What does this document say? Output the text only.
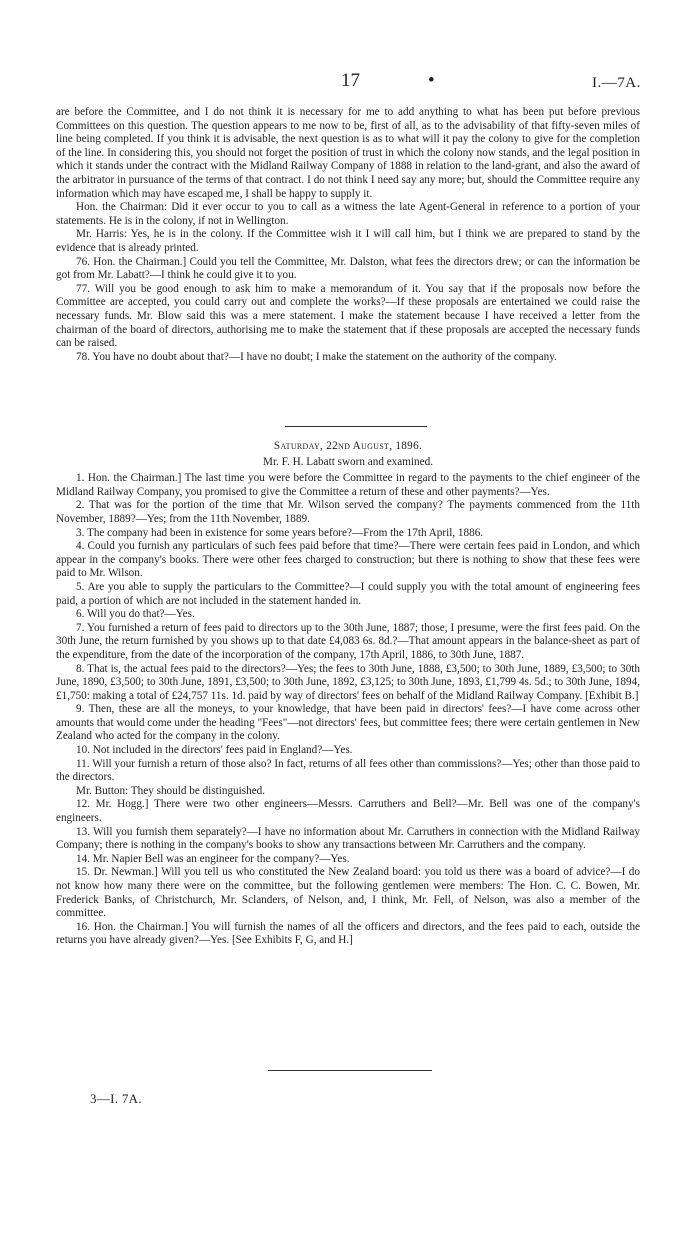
17	•	I.—7A.

are before the Committee, and I do not think it is necessary for me to add anything to what has been put before previous Committees on this question. The question appears to me now to be, first of all, as to the advisability of that fifty-seven miles of line being completed. If you think it is advisable, the next question is as to what will it pay the colony to give for the completion of the line. In considering this, you should not forget the position of trust in which the colony now stands, and the legal position in which it stands under the contract with the Midland Railway Company of 1888 in relation to the land-grant, and also the award of the arbitrator in pursuance of the terms of that contract. I do not think I need say any more; but, should the Committee require any information which may have escaped me, I shall be happy to supply it.

Hon. the Chairman: Did it ever occur to you to call as a witness the late Agent-General in reference to a portion of your statements. He is in the colony, if not in Wellington.

Mr. Harris: Yes, he is in the colony. If the Committee wish it I will call him, but I think we are prepared to stand by the evidence that is already printed.

76. Hon. the Chairman.] Could you tell the Committee, Mr. Dalston, what fees the directors drew; or can the information be got from Mr. Labatt?—I think he could give it to you.

77. Will you be good enough to ask him to make a memorandum of it. You say that if the proposals now before the Committee are accepted, you could carry out and complete the works?—If these proposals are entertained we could raise the necessary funds. Mr. Blow said this was a mere statement. I make the statement because I have received a letter from the chairman of the board of directors, authorising me to make the statement that if these proposals are accepted the necessary funds can be raised.

78. You have no doubt about that?—I have no doubt; I make the statement on the authority of the company.

Saturday, 22nd August, 1896.

Mr. F. H. Labatt sworn and examined.

1. Hon. the Chairman.] The last time you were before the Committee in regard to the payments to the chief engineer of the Midland Railway Company, you promised to give the Committee a return of these and other payments?—Yes.

2. That was for the portion of the time that Mr. Wilson served the company? The payments commenced from the 11th November, 1889?—Yes; from the 11th November, 1889.

3. The company had been in existence for some years before?—From the 17th April, 1886.

4. Could you furnish any particulars of such fees paid before that time?—There were certain fees paid in London, and which appear in the company's books. There were other fees charged to construction; but there is nothing to show that these fees were paid to Mr. Wilson.

5. Are you able to supply the particulars to the Committee?—I could supply you with the total amount of engineering fees paid, a portion of which are not included in the statement handed in.

6. Will you do that?—Yes.

7. You furnished a return of fees paid to directors up to the 30th June, 1887; those, I presume, were the first fees paid. On the 30th June, the return furnished by you shows up to that date £4,083 6s. 8d.?—That amount appears in the balance-sheet as part of the expenditure, from the date of the incorporation of the company, 17th April, 1886, to 30th June, 1887.

8. That is, the actual fees paid to the directors?—Yes; the fees to 30th June, 1888, £3,500; to 30th June, 1889, £3,500; to 30th June, 1890, £3,500; to 30th June, 1891, £3,500; to 30th June, 1892, £3,125; to 30th June, 1893, £1,799 4s. 5d.; to 30th June, 1894, £1,750: making a total of £24,757 11s. 1d. paid by way of directors' fees on behalf of the Midland Railway Company. [Exhibit B.]

9. Then, these are all the moneys, to your knowledge, that have been paid in directors' fees?—I have come across other amounts that would come under the heading "Fees"—not directors' fees, but committee fees; there were certain gentlemen in New Zealand who acted for the company in the colony.

10. Not included in the directors' fees paid in England?—Yes.

11. Will your furnish a return of those also? In fact, returns of all fees other than commissions?—Yes; other than those paid to the directors.

Mr. Button: They should be distinguished.

12. Mr. Hogg.] There were two other engineers—Messrs. Carruthers and Bell?—Mr. Bell was one of the company's engineers.

13. Will you furnish them separately?—I have no information about Mr. Carruthers in connection with the Midland Railway Company; there is nothing in the company's books to show any transactions between Mr. Carruthers and the company.

14. Mr. Napier Bell was an engineer for the company?—Yes.

15. Dr. Newman.] Will you tell us who constituted the New Zealand board: you told us there was a board of advice?—I do not know how many there were on the committee, but the following gentlemen were members: The Hon. C. C. Bowen, Mr. Frederick Banks, of Christchurch, Mr. Sclanders, of Nelson, and, I think, Mr. Fell, of Nelson, was also a member of the committee.

16. Hon. the Chairman.] You will furnish the names of all the officers and directors, and the fees paid to each, outside the returns you have already given?—Yes. [See Exhibits F, G, and H.]

3—I. 7A.
